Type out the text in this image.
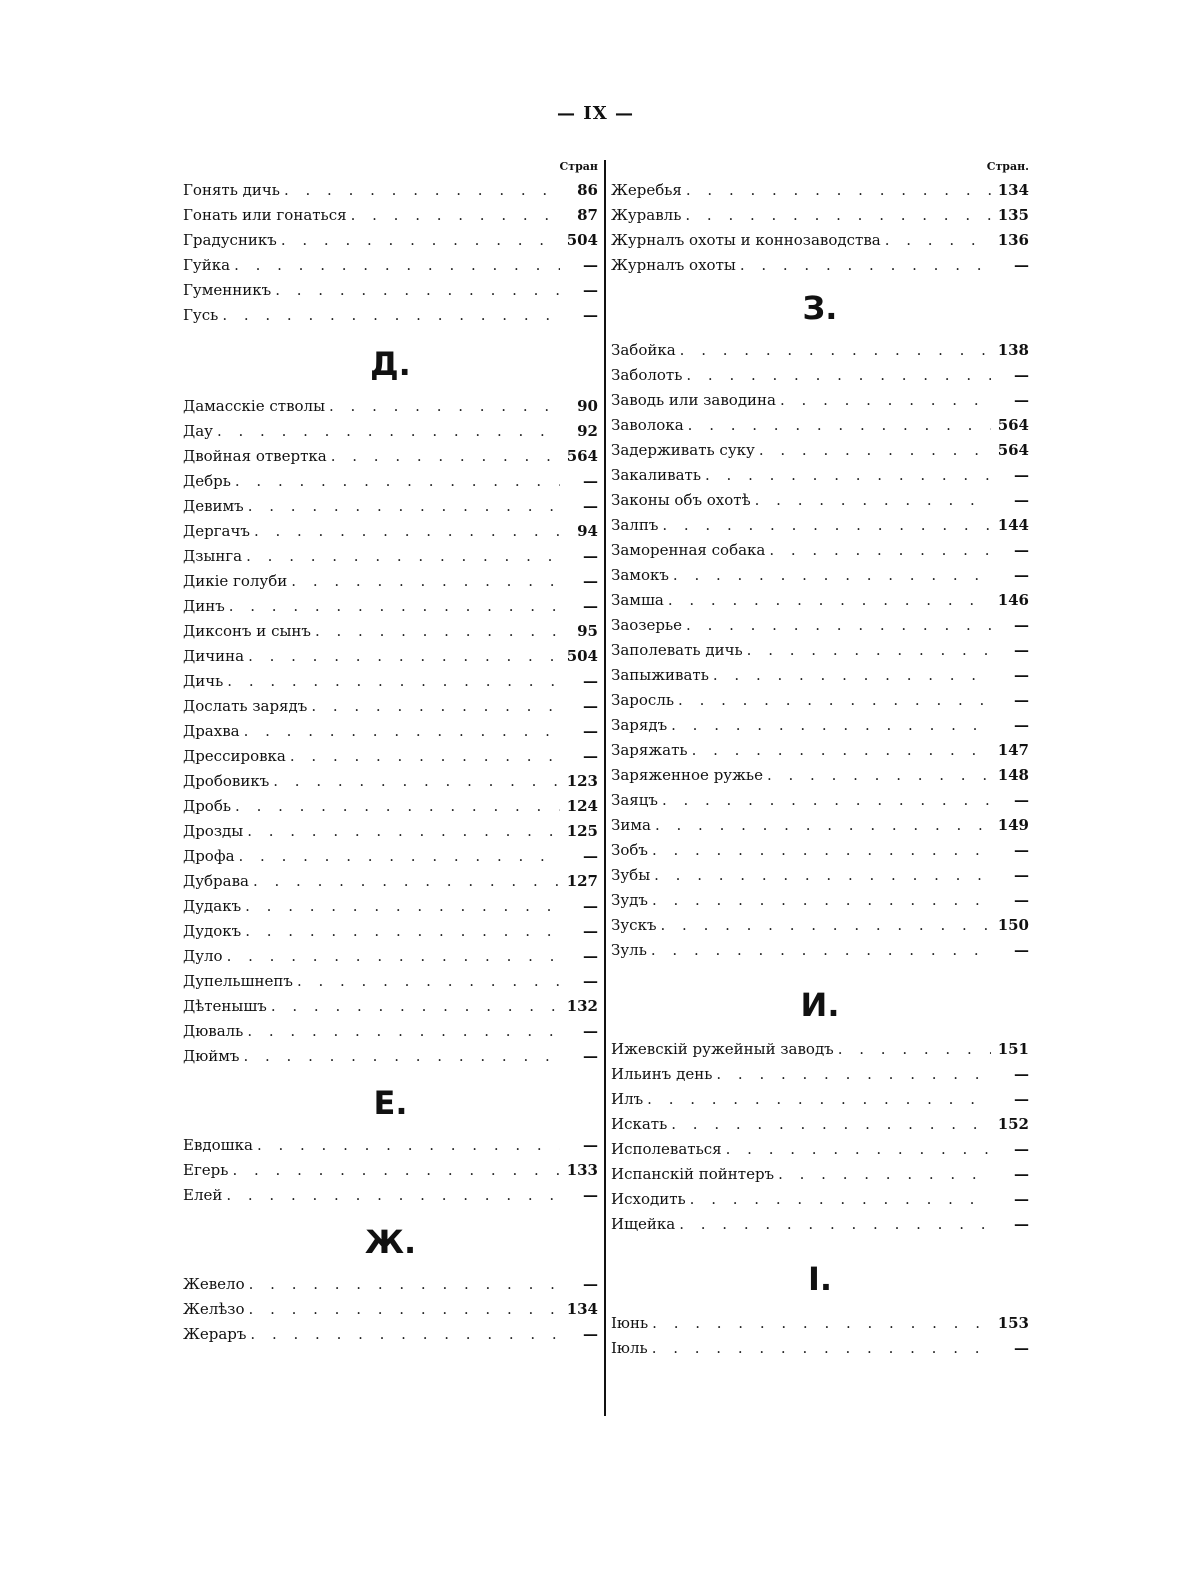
— IX —
Стран
Гонять дичь . . .	86
Гонать или гонаться . . .	87
Градусникъ . . .	504
Гуйка . . .	—
Гуменникъ . . .	—
Гусь . . .	—
Д.
Дамасскіе стволы . . .	90
Дау . . .	92
Двойная отвертка . . .	564
Дебрь . . .	—
Девимъ . . .	—
Дергачъ . . .	94
Дзынга . . .	—
Дикіе голуби . . .	—
Динъ . . .	—
Диксонъ и сынъ . . .	95
Дичина . . .	504
Дичь . . .	—
Дослать зарядъ . . .	—
Драхва . . .	—
Дрессировка . . .	—
Дробовикъ . . .	123
Дробь . . .	124
Дрозды . . .	125
Дрофа . . .	—
Дубрава . . .	127
Дудакъ . . .	—
Дудокъ . . .	—
Дуло . . .	—
Дупельшнепъ . . .	—
Дѣтенышъ . . .	132
Дюваль . . .	—
Дюймъ . . .	—
Е.
Евдошка . . .	—
Егерь . . .	133
Елей . . .	—
Ж.
Жевело . . .	—
Желѣзо . . .	134
Жераръ . . .	—
Стран.
Жеребья . . .	134
Журавль . . .	135
Журналъ охоты и коннозаводства . . .	136
Журналъ охоты . . .	—
З.
Забойка . . .	138
Заболоть . . .	—
Заводь или заводина . . .	—
Заволока . . .	564
Задерживать суку . . .	564
Закаливать . . .	—
Законы объ охотѣ . . .	—
Залпъ . . .	144
Заморенная собака . . .	—
Замокъ . . .	—
Замша . . .	146
Заозерье . . .	—
Заполевать дичь . . .	—
Запыживать . . .	—
Заросль . . .	—
Зарядъ . . .	—
Заряжать . . .	147
Заряженное ружье . . .	148
Заяцъ . . .	—
Зима . . .	149
Зобъ . . .	—
Зубы . . .	—
Зудъ . . .	—
Зускъ . . .	150
Зуль . . .	—
И.
Ижевскій ружейный заводъ . . .	151
Ильинъ день . . .	—
Илъ . . .	—
Искать . . .	152
Исполеваться . . .	—
Испанскій пойнтеръ . . .	—
Исходить . . .	—
Ищейка . . .	—
І.
Іюнь . . .	153
Іюль . . .	—
